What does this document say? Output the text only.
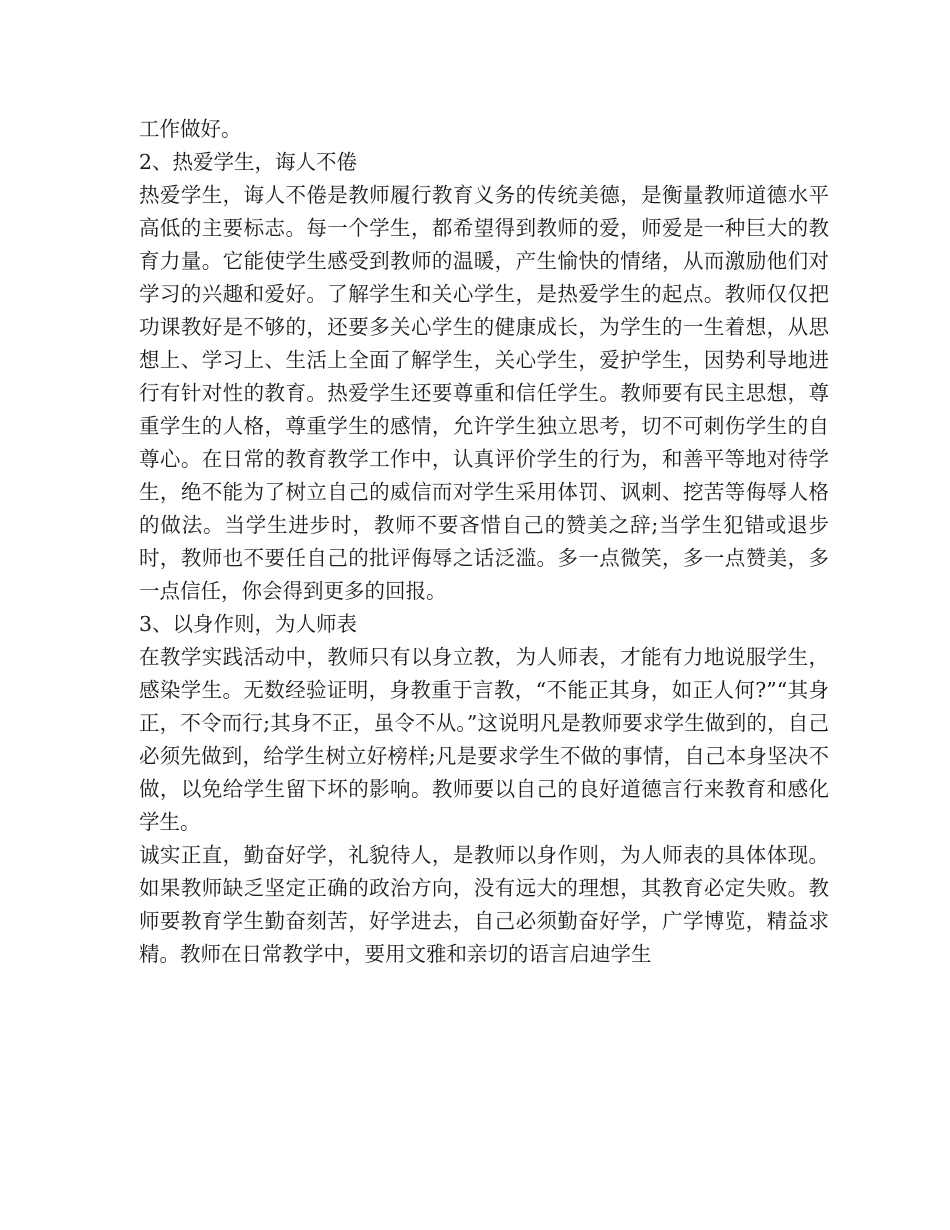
工作做好。

2、热爱学生，诲人不倦

热爱学生，诲人不倦是教师履行教育义务的传统美德，是衡量教师道德水平高低的主要标志。每一个学生，都希望得到教师的爱，师爱是一种巨大的教育力量。它能使学生感受到教师的温暖，产生愉快的情绪，从而激励他们对学习的兴趣和爱好。了解学生和关心学生，是热爱学生的起点。教师仅仅把功课教好是不够的，还要多关心学生的健康成长，为学生的一生着想，从思想上、学习上、生活上全面了解学生，关心学生，爱护学生，因势利导地进行有针对性的教育。热爱学生还要尊重和信任学生。教师要有民主思想，尊重学生的人格，尊重学生的感情，允许学生独立思考，切不可刺伤学生的自尊心。在日常的教育教学工作中，认真评价学生的行为，和善平等地对待学生，绝不能为了树立自己的威信而对学生采用体罚、讽刺、挖苦等侮辱人格的做法。当学生进步时，教师不要吝惜自己的赞美之辞;当学生犯错或退步时，教师也不要任自己的批评侮辱之话泛滥。多一点微笑，多一点赞美，多一点信任，你会得到更多的回报。

3、以身作则，为人师表

在教学实践活动中，教师只有以身立教，为人师表，才能有力地说服学生，感染学生。无数经验证明，身教重于言教，“不能正其身，如正人何?”“其身正，不令而行;其身不正，虽令不从。”这说明凡是教师要求学生做到的，自己必须先做到，给学生树立好榜样;凡是要求学生不做的事情，自己本身坚决不做，以免给学生留下坏的影响。教师要以自己的良好道德言行来教育和感化学生。

诚实正直，勤奋好学，礼貌待人，是教师以身作则，为人师表的具体体现。如果教师缺乏坚定正确的政治方向，没有远大的理想，其教育必定失败。教师要教育学生勤奋刻苦，好学进去，自己必须勤奋好学，广学博览，精益求精。教师在日常教学中，要用文雅和亲切的语言启迪学生
